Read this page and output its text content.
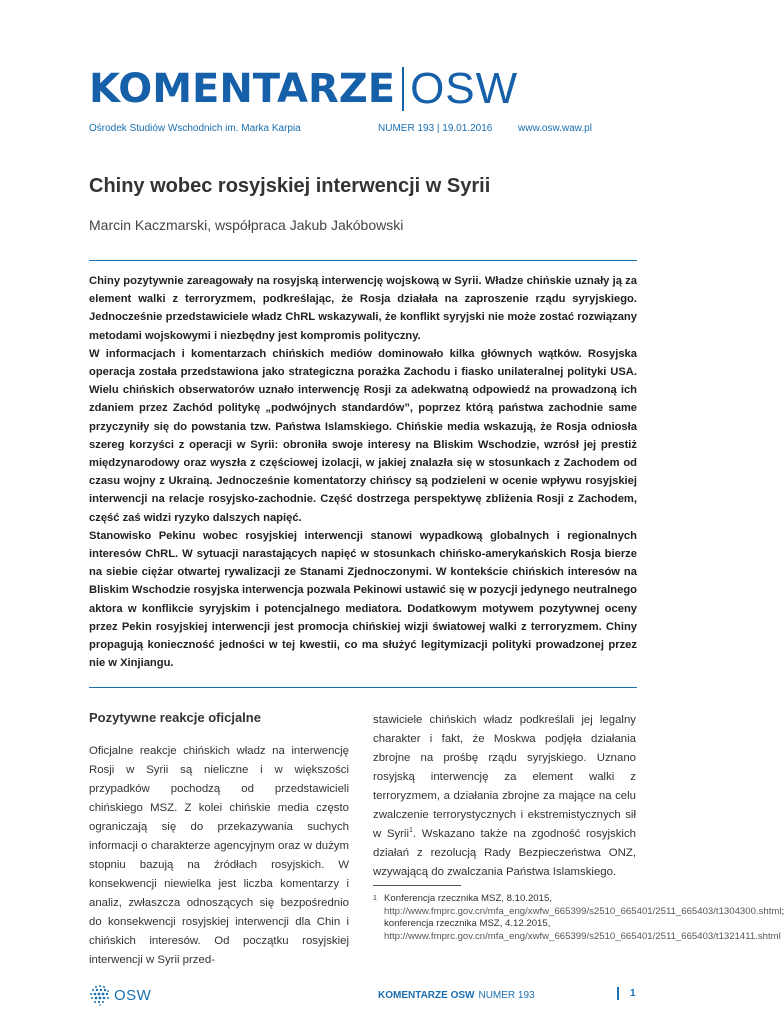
KOMENTARZE OSW
Ośrodek Studiów Wschodnich im. Marka Karpia	NUMER 193 | 19.01.2016	www.osw.waw.pl
Chiny wobec rosyjskiej interwencji w Syrii
Marcin Kaczmarski, współpraca Jakub Jakóbowski

Chiny pozytywnie zareagowały na rosyjską interwencję wojskową w Syrii. Władze chińskie uznały ją za element walki z terroryzmem, podkreślając, że Rosja działała na zaproszenie rządu syryjskiego. Jednocześnie przedstawiciele władz ChRL wskazywali, że konflikt syryjski nie może zostać rozwiązany metodami wojskowymi i niezbędny jest kompromis polityczny.

W informacjach i komentarzach chińskich mediów dominowało kilka głównych wątków. Rosyjska operacja została przedstawiona jako strategiczna porażka Zachodu i fiasko unilateralnej polityki USA. Wielu chińskich obserwatorów uznało interwencję Rosji za adekwatną odpowiedź na prowadzoną ich zdaniem przez Zachód politykę „podwójnych standardów”, poprzez którą państwa zachodnie same przyczyniły się do powstania tzw. Państwa Islamskiego. Chińskie media wskazują, że Rosja odniosła szereg korzyści z operacji w Syrii: obroniła swoje interesy na Bliskim Wschodzie, wzrósł jej prestiż międzynarodowy oraz wyszła z częściowej izolacji, w jakiej znalazła się w stosunkach z Zachodem od czasu wojny z Ukrainą. Jednocześnie komentatorzy chińscy są podzieleni w ocenie wpływu rosyjskiej interwencji na relacje rosyjsko-zachodnie. Część dostrzega perspektywę zbliżenia Rosji z Zachodem, część zaś widzi ryzyko dalszych napięć.

Stanowisko Pekinu wobec rosyjskiej interwencji stanowi wypadkową globalnych i regionalnych interesów ChRL. W sytuacji narastających napięć w stosunkach chińsko-amerykańskich Rosja bierze na siebie ciężar otwartej rywalizacji ze Stanami Zjednoczonymi. W kontekście chińskich interesów na Bliskim Wschodzie rosyjska interwencja pozwala Pekinowi ustawić się w pozycji jedynego neutralnego aktora w konflikcie syryjskim i potencjalnego mediatora. Dodatkowym motywem pozytywnej oceny przez Pekin rosyjskiej interwencji jest promocja chińskiej wizji światowej walki z terroryzmem. Chiny propagują konieczność jedności w tej kwestii, co ma służyć legitymizacji polityki prowadzonej przez nie w Xinjiangu.

Pozytywne reakcje oficjalne

Oficjalne reakcje chińskich władz na interwencję Rosji w Syrii są nieliczne i w większości przypadków pochodzą od przedstawicieli chińskiego MSZ. Z kolei chińskie media często ograniczają się do przekazywania suchych informacji o charakterze agencyjnym oraz w dużym stopniu bazują na źródłach rosyjskich. W konsekwencji niewielka jest liczba komentarzy i analiz, zwłaszcza odnoszących się bezpośrednio do konsekwencji rosyjskiej interwencji dla Chin i chińskich interesów. Od początku rosyjskiej interwencji w Syrii przed-

stawiciele chińskich władz podkreślali jej legalny charakter i fakt, że Moskwa podjęła działania zbrojne na prośbę rządu syryjskiego. Uznano rosyjską interwencję za element walki z terroryzmem, a działania zbrojne za mające na celu zwalczenie terrorystycznych i ekstremistycznych sił w Syrii$^1$. Wskazano także na zgodność rosyjskich działań z rezolucją Rady Bezpieczeństwa ONZ, wzywającą do zwalczania Państwa Islamskiego.

1 Konferencja rzecznika MSZ, 8.10.2015, http://www.fmprc.gov.cn/mfa_eng/xwfw_665399/s2510_665401/2511_665403/t1304300.shtml; konferencja rzecznika MSZ, 4.12.2015, http://www.fmprc.gov.cn/mfa_eng/xwfw_665399/s2510_665401/2511_665403/t1321411.shtml
OSW	KOMENTARZE OSW NUMER 193	1
